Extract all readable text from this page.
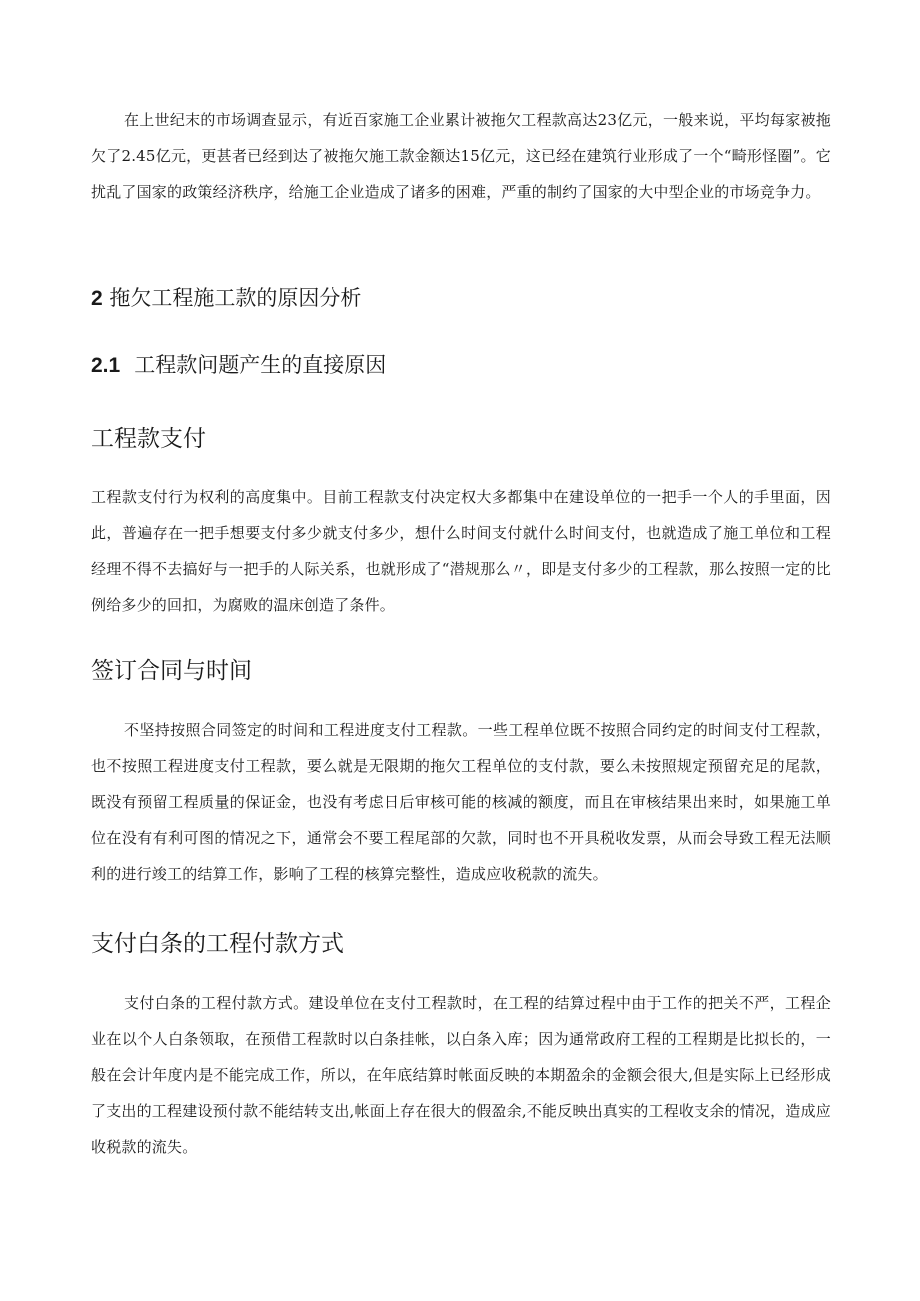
在上世纪末的市场调查显示，有近百家施工企业累计被拖欠工程款高达23亿元，一般来说，平均每家被拖欠了2.45亿元，更甚者已经到达了被拖欠施工款金额达15亿元，这已经在建筑行业形成了一个“畸形怪圈”。它扰乱了国家的政策经济秩序，给施工企业造成了诸多的困难，严重的制约了国家的大中型企业的市场竞争力。

2 拖欠工程施工款的原因分析
2.1 工程款问题产生的直接原因
工程款支付

工程款支付行为权利的高度集中。目前工程款支付决定权大多都集中在建设单位的一把手一个人的手里面，因此，普遍存在一把手想要支付多少就支付多少，想什么时间支付就什么时间支付，也就造成了施工单位和工程经理不得不去搞好与一把手的人际关系，也就形成了“潜规那么〃，即是支付多少的工程款，那么按照一定的比例给多少的回扣，为腐败的温床创造了条件。

签订合同与时间

不坚持按照合同签定的时间和工程进度支付工程款。一些工程单位既不按照合同约定的时间支付工程款，也不按照工程进度支付工程款，要么就是无限期的拖欠工程单位的支付款，要么未按照规定预留充足的尾款，既没有预留工程质量的保证金，也没有考虑日后审核可能的核减的额度，而且在审核结果出来时，如果施工单位在没有有利可图的情况之下，通常会不要工程尾部的欠款，同时也不开具税收发票，从而会导致工程无法顺利的进行竣工的结算工作，影响了工程的核算完整性，造成应收税款的流失。

支付白条的工程付款方式

支付白条的工程付款方式。建设单位在支付工程款时，在工程的结算过程中由于工作的把关不严，工程企业在以个人白条领取，在预借工程款时以白条挂帐，以白条入库；因为通常政府工程的工程期是比拟长的，一般在会计年度内是不能完成工作，所以，在年底结算时帐面反映的本期盈余的金额会很大,但是实际上已经形成了支出的工程建设预付款不能结转支出,帐面上存在很大的假盈余,不能反映出真实的工程收支余的情况，造成应收税款的流失。
